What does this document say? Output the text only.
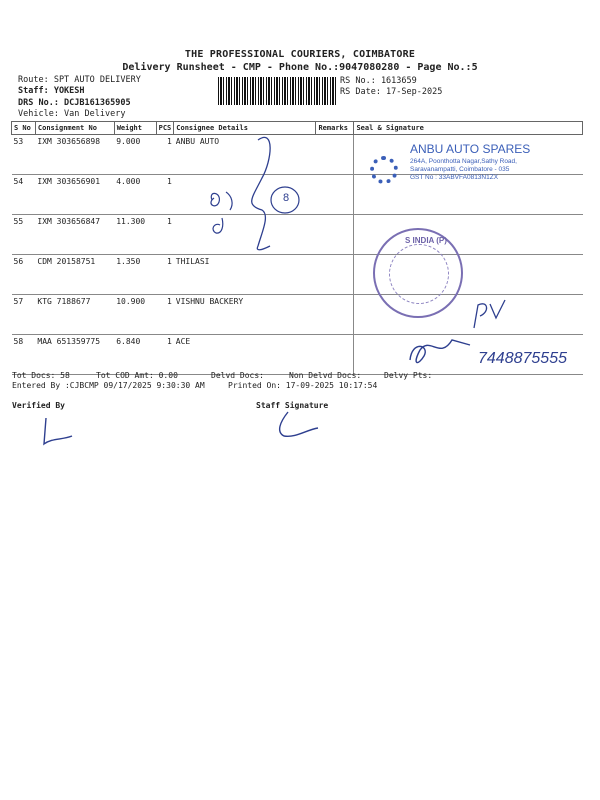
THE PROFESSIONAL COURIERS, COIMBATORE
Delivery Runsheet - CMP - Phone No.:9047080280 - Page No.:5
Route: SPT AUTO DELIVERY
Staff: YOKESH
DRS No.: DCJB161365905
Vehicle: Van Delivery
RS No.: 1613659
RS Date: 17-Sep-2025
S No	Consignment No	Weight	PCS	Consignee Details	Remarks	Seal & Signature
53	IXM 303656898	9.000	1	ANBU AUTO		
54	IXM 303656901	4.000	1			
55	IXM 303656847	11.300	1			
56	CDM 20158751	1.350	1	THILASI		
57	KTG 7188677	10.900	1	VISHNU BACKERY		
58	MAA 651359775	6.840	1	ACE		
ANBU AUTO SPARES
264A, Poonthotta Nagar,Sathy Road,
Saravanampatti, Coimbatore - 035
GST No : 33ABVFA0813N1ZX
S INDIA (P)
8
7448875555
Tot Docs: 58	Tot COD Amt: 0.00	Delvd Docs:	Non Delvd Docs:	Delvy Pts:
Entered By :CJBCMP 09/17/2025 9:30:30 AM	Printed On: 17-09-2025 10:17:54
Verified By	Staff Signature
